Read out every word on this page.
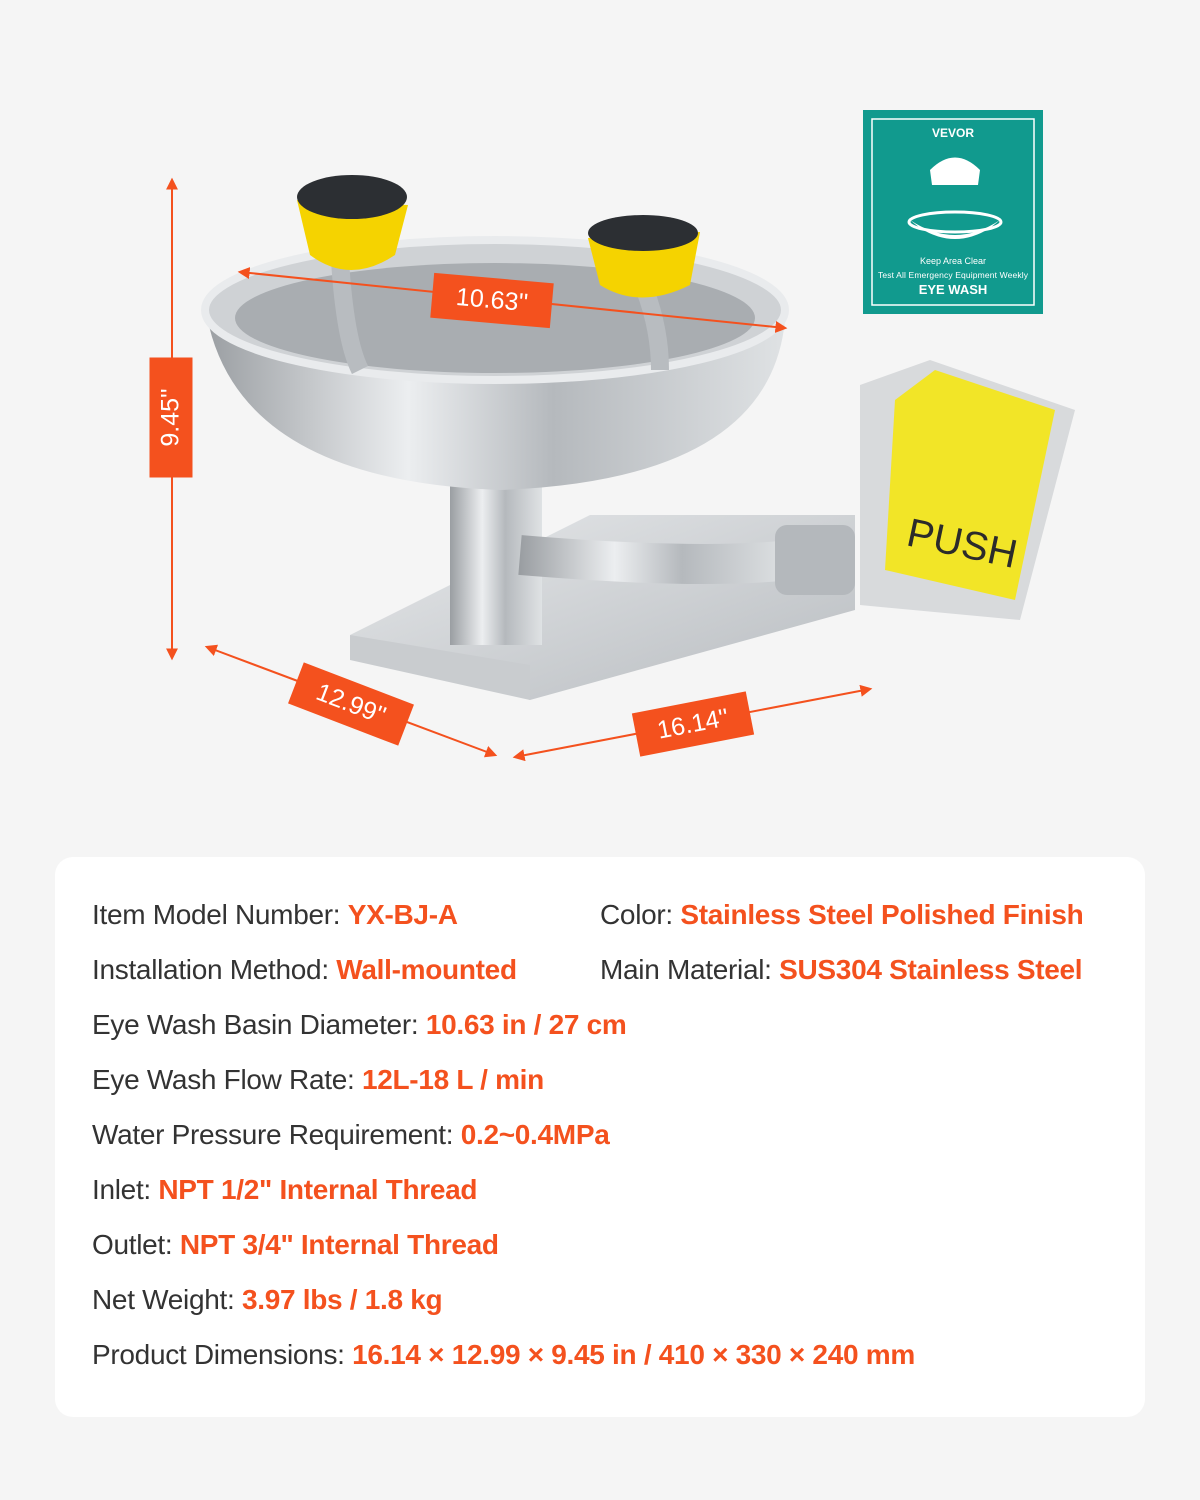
PUSH
VEVOR
Keep Area Clear
Test All Emergency Equipment Weekly
EYE WASH
9.45''
10.63''
12.99''	16.14''
Item Model Number: YX-BJ-A	Color: Stainless Steel Polished Finish
Installation Method: Wall-mounted	Main Material: SUS304 Stainless Steel
Eye Wash Basin Diameter: 10.63 in / 27 cm
Eye Wash Flow Rate: 12L-18 L / min
Water Pressure Requirement: 0.2~0.4MPa
Inlet: NPT 1/2" Internal Thread
Outlet: NPT 3/4" Internal Thread
Net Weight: 3.97 lbs / 1.8 kg
Product Dimensions: 16.14 × 12.99 × 9.45 in / 410 × 330 × 240 mm
